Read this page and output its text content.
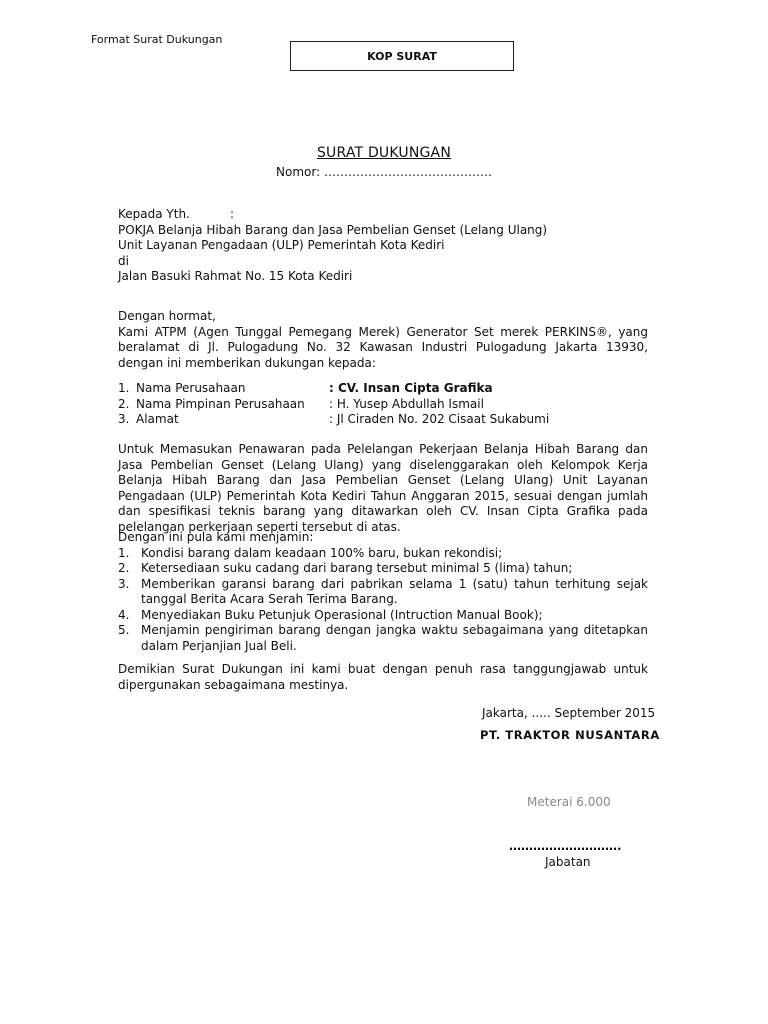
Format Surat Dukungan
KOP SURAT
SURAT DUKUNGAN
Nomor: ……………………………………
Kepada Yth.	:
POKJA Belanja Hibah Barang dan Jasa Pembelian Genset (Lelang Ulang)
Unit Layanan Pengadaan (ULP) Pemerintah Kota Kediri
di
Jalan Basuki Rahmat No. 15 Kota Kediri
Dengan hormat,
Kami ATPM (Agen Tunggal Pemegang Merek) Generator Set merek PERKINS®, yang beralamat di Jl. Pulogadung No. 32 Kawasan Industri Pulogadung Jakarta 13930, dengan ini memberikan dukungan kepada:
1. Nama Perusahaan	: CV. Insan Cipta Grafika
2. Nama Pimpinan Perusahaan : H. Yusep Abdullah Ismail
3. Alamat	: Jl Ciraden No. 202 Cisaat Sukabumi
Untuk Memasukan Penawaran pada Pelelangan Pekerjaan Belanja Hibah Barang dan Jasa Pembelian Genset (Lelang Ulang) yang diselenggarakan oleh Kelompok Kerja Belanja Hibah Barang dan Jasa Pembelian Genset (Lelang Ulang) Unit Layanan Pengadaan (ULP) Pemerintah Kota Kediri Tahun Anggaran 2015, sesuai dengan jumlah dan spesifikasi teknis barang yang ditawarkan oleh CV. Insan Cipta Grafika pada pelelangan perkerjaan seperti tersebut di atas.
Dengan ini pula kami menjamin:
1. Kondisi barang dalam keadaan 100% baru, bukan rekondisi;
2. Ketersediaan suku cadang dari barang tersebut minimal 5 (lima) tahun;
3. Memberikan garansi barang dari pabrikan selama 1 (satu) tahun terhitung sejak tanggal Berita Acara Serah Terima Barang.
4. Menyediakan Buku Petunjuk Operasional (Intruction Manual Book);
5. Menjamin pengiriman barang dengan jangka waktu sebagaimana yang ditetapkan dalam Perjanjian Jual Beli.
Demikian Surat Dukungan ini kami buat dengan penuh rasa tanggungjawab untuk dipergunakan sebagaimana mestinya.
Jakarta, ..... September 2015
PT. TRAKTOR NUSANTARA
Meterai 6.000
……………………….
Jabatan
